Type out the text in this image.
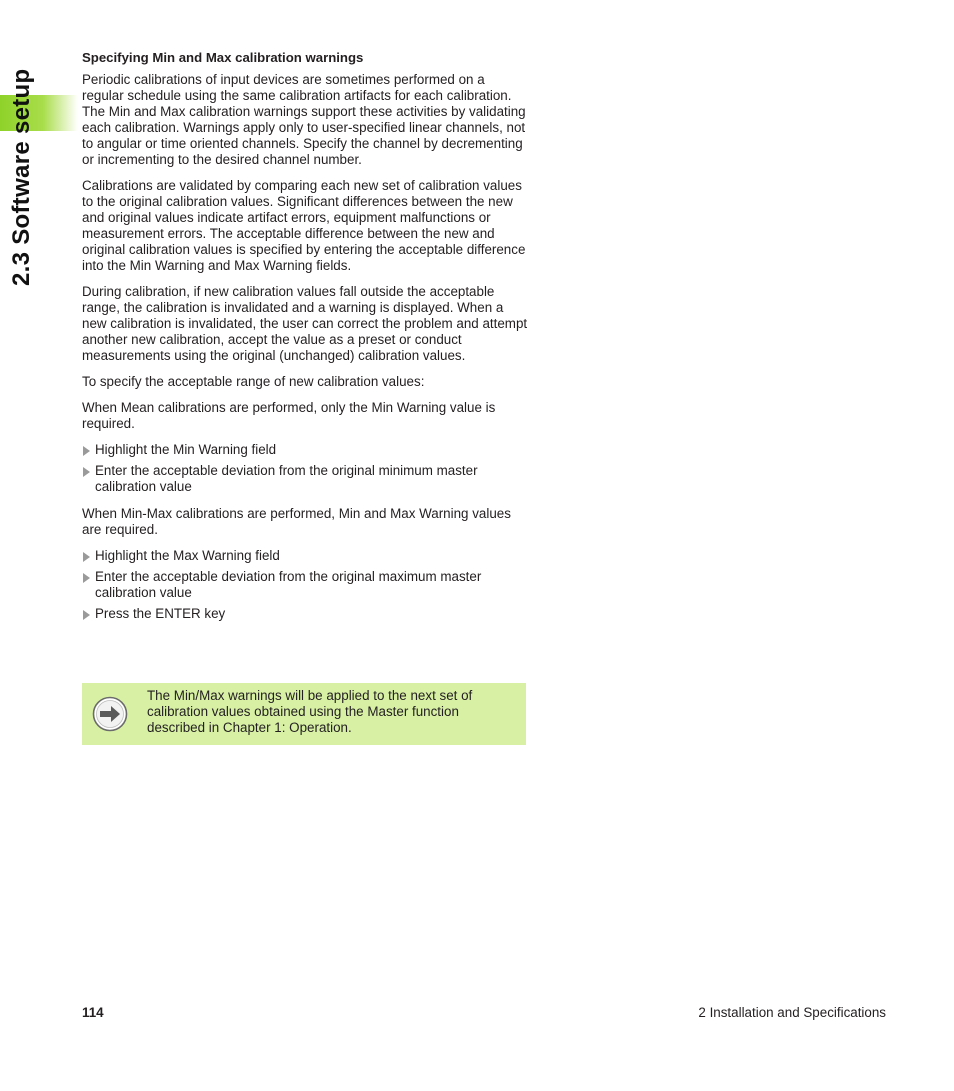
2.3 Software setup
Specifying Min and Max calibration warnings

Periodic calibrations of input devices are sometimes performed on a regular schedule using the same calibration artifacts for each calibration. The Min and Max calibration warnings support these activities by validating each calibration. Warnings apply only to user-specified linear channels, not to angular or time oriented channels. Specify the channel by decrementing or incrementing to the desired channel number.

Calibrations are validated by comparing each new set of calibration values to the original calibration values. Significant differences between the new and original values indicate artifact errors, equipment malfunctions or measurement errors. The acceptable difference between the new and original calibration values is specified by entering the acceptable difference into the Min Warning and Max Warning fields.

During calibration, if new calibration values fall outside the acceptable range, the calibration is invalidated and a warning is displayed. When a new calibration is invalidated, the user can correct the problem and attempt another new calibration, accept the value as a preset or conduct measurements using the original (unchanged) calibration values.

To specify the acceptable range of new calibration values:

When Mean calibrations are performed, only the Min Warning value is required.

Highlight the Min Warning field
Enter the acceptable deviation from the original minimum master calibration value

When Min-Max calibrations are performed, Min and Max Warning values are required.

Highlight the Max Warning field
Enter the acceptable deviation from the original maximum master calibration value
Press the ENTER key
The Min/Max warnings will be applied to the next set of calibration values obtained using the Master function described in Chapter 1: Operation.
114	2 Installation and Specifications
